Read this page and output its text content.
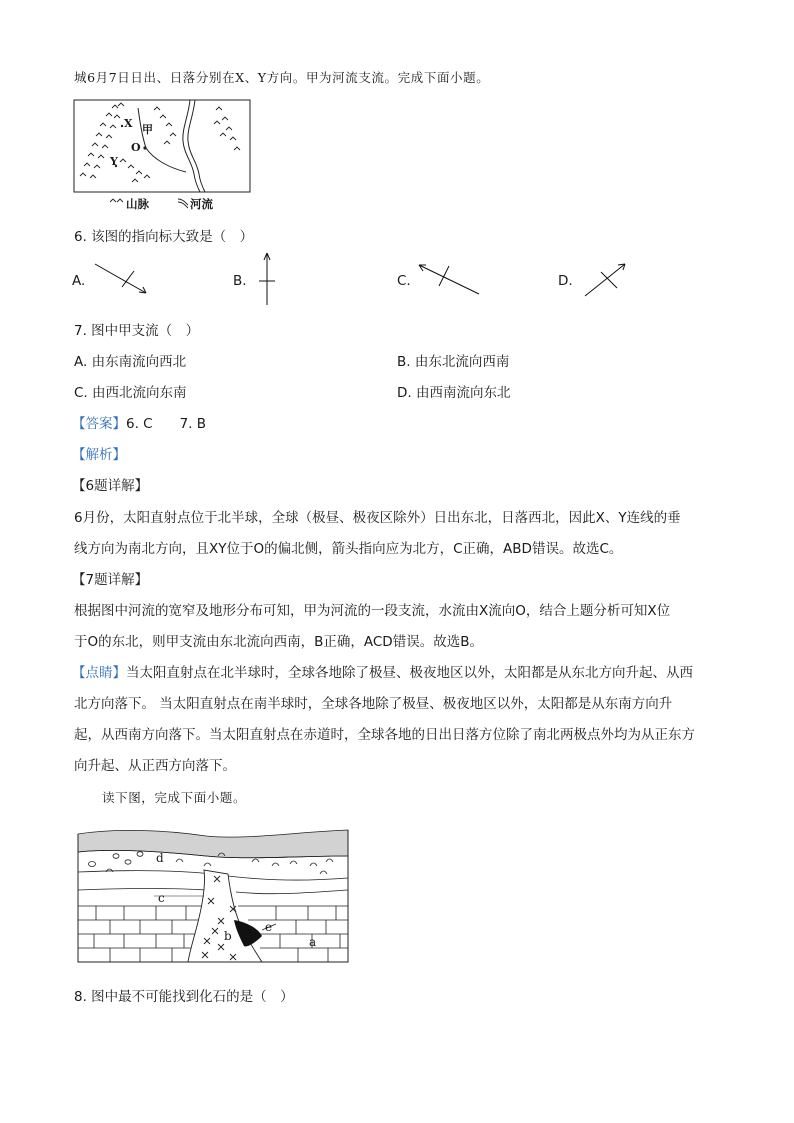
城6月7日日出、日落分别在X、Y方向。甲为河流支流。完成下面小题。
X 甲
O
Y
山脉	河流
6. 该图的指向标大致是（　）
A.	B.	C.	D.
7. 图中甲支流（　）
A. 由东南流向西北	B. 由东北流向西南
C. 由西北流向东南	D. 由西南流向东北
【答案】6. C　　7. B
【解析】
【6题详解】
6月份，太阳直射点位于北半球，全球（极昼、极夜区除外）日出东北，日落西北，因此X、Y连线的垂
线方向为南北方向，且XY位于O的偏北侧，箭头指向应为北方，C正确，ABD错误。故选C。
【7题详解】
根据图中河流的宽窄及地形分布可知，甲为河流的一段支流，水流由X流向O，结合上题分析可知X位
于O的东北，则甲支流由东北流向西南，B正确，ACD错误。故选B。
【点睛】当太阳直射点在北半球时，全球各地除了极昼、极夜地区以外，太阳都是从东北方向升起、从西
北方向落下。 当太阳直射点在南半球时，全球各地除了极昼、极夜地区以外，太阳都是从东南方向升
起，从西南方向落下。当太阳直射点在赤道时，全球各地的日出日落方位除了南北两极点外均为从正东方
向升起、从正西方向落下。
读下图，完成下面小题。
d
c
e
b	a
8. 图中最不可能找到化石的是（　）
